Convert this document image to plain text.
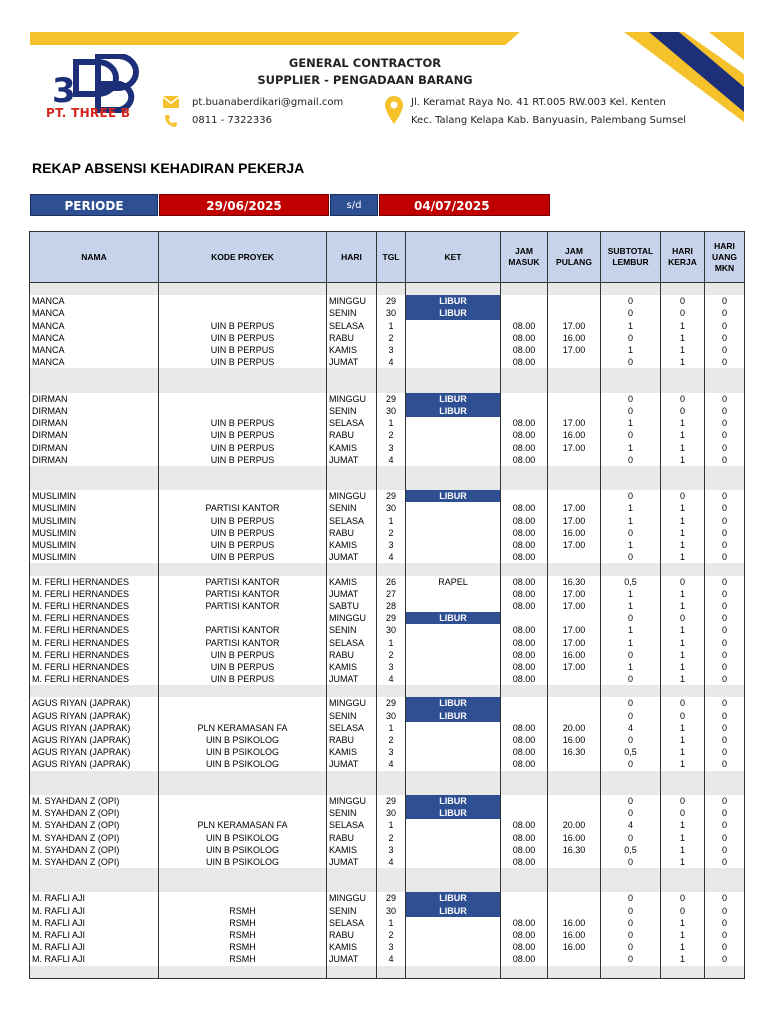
3
PT. THREE B
GENERAL CONTRACTOR
SUPPLIER - PENGADAAN BARANG
pt.buanaberdikari@gmail.com
0811 - 7322336
Jl. Keramat Raya No. 41 RT.005 RW.003 Kel. Kenten
Kec. Talang Kelapa Kab. Banyuasin, Palembang Sumsel
REKAP ABSENSI KEHADIRAN PEKERJA
PERIODE	29/06/2025	s/d	04/07/2025
NAMA	KODE PROYEK	HARI	TGL	KET	JAM MASUK	JAM PULANG	SUBTOTAL LEMBUR	HARI KERJA	HARI UANG MKN

MANCA		MINGGU	29	LIBUR			0	0	0
MANCA		SENIN	30	LIBUR			0	0	0
MANCA	UIN B PERPUS	SELASA	1		08.00	17.00	1	1	0
MANCA	UIN B PERPUS	RABU	2		08.00	16.00	0	1	0
MANCA	UIN B PERPUS	KAMIS	3		08.00	17.00	1	1	0
MANCA	UIN B PERPUS	JUMAT	4		08.00		0	1	0

DIRMAN		MINGGU	29	LIBUR			0	0	0
DIRMAN		SENIN	30	LIBUR			0	0	0
DIRMAN	UIN B PERPUS	SELASA	1		08.00	17.00	1	1	0
DIRMAN	UIN B PERPUS	RABU	2		08.00	16.00	0	1	0
DIRMAN	UIN B PERPUS	KAMIS	3		08.00	17.00	1	1	0
DIRMAN	UIN B PERPUS	JUMAT	4		08.00		0	1	0

MUSLIMIN		MINGGU	29	LIBUR			0	0	0
MUSLIMIN	PARTISI KANTOR	SENIN	30		08.00	17.00	1	1	0
MUSLIMIN	UIN B PERPUS	SELASA	1		08.00	17.00	1	1	0
MUSLIMIN	UIN B PERPUS	RABU	2		08.00	16.00	0	1	0
MUSLIMIN	UIN B PERPUS	KAMIS	3		08.00	17.00	1	1	0
MUSLIMIN	UIN B PERPUS	JUMAT	4		08.00		0	1	0

M. FERLI HERNANDES	PARTISI KANTOR	KAMIS	26	RAPEL	08.00	16.30	0,5	0	0
M. FERLI HERNANDES	PARTISI KANTOR	JUMAT	27		08.00	17.00	1	1	0
M. FERLI HERNANDES	PARTISI KANTOR	SABTU	28		08.00	17.00	1	1	0
M. FERLI HERNANDES		MINGGU	29	LIBUR			0	0	0
M. FERLI HERNANDES	PARTISI KANTOR	SENIN	30		08.00	17.00	1	1	0
M. FERLI HERNANDES	PARTISI KANTOR	SELASA	1		08.00	17.00	1	1	0
M. FERLI HERNANDES	UIN B PERPUS	RABU	2		08.00	16.00	0	1	0
M. FERLI HERNANDES	UIN B PERPUS	KAMIS	3		08.00	17.00	1	1	0
M. FERLI HERNANDES	UIN B PERPUS	JUMAT	4		08.00		0	1	0

AGUS RIYAN (JAPRAK)		MINGGU	29	LIBUR			0	0	0
AGUS RIYAN (JAPRAK)		SENIN	30	LIBUR			0	0	0
AGUS RIYAN (JAPRAK)	PLN KERAMASAN FA	SELASA	1		08.00	20.00	4	1	0
AGUS RIYAN (JAPRAK)	UIN B PSIKOLOG	RABU	2		08.00	16.00	0	1	0
AGUS RIYAN (JAPRAK)	UIN B PSIKOLOG	KAMIS	3		08.00	16.30	0,5	1	0
AGUS RIYAN (JAPRAK)	UIN B PSIKOLOG	JUMAT	4		08.00		0	1	0

M. SYAHDAN Z (OPI)		MINGGU	29	LIBUR			0	0	0
M. SYAHDAN Z (OPI)		SENIN	30	LIBUR			0	0	0
M. SYAHDAN Z (OPI)	PLN KERAMASAN FA	SELASA	1		08.00	20.00	4	1	0
M. SYAHDAN Z (OPI)	UIN B PSIKOLOG	RABU	2		08.00	16.00	0	1	0
M. SYAHDAN Z (OPI)	UIN B PSIKOLOG	KAMIS	3		08.00	16.30	0,5	1	0
M. SYAHDAN Z (OPI)	UIN B PSIKOLOG	JUMAT	4		08.00		0	1	0

M. RAFLI AJI		MINGGU	29	LIBUR			0	0	0
M. RAFLI AJI	RSMH	SENIN	30	LIBUR			0	0	0
M. RAFLI AJI	RSMH	SELASA	1		08.00	16.00	0	1	0
M. RAFLI AJI	RSMH	RABU	2		08.00	16.00	0	1	0
M. RAFLI AJI	RSMH	KAMIS	3		08.00	16.00	0	1	0
M. RAFLI AJI	RSMH	JUMAT	4		08.00		0	1	0
